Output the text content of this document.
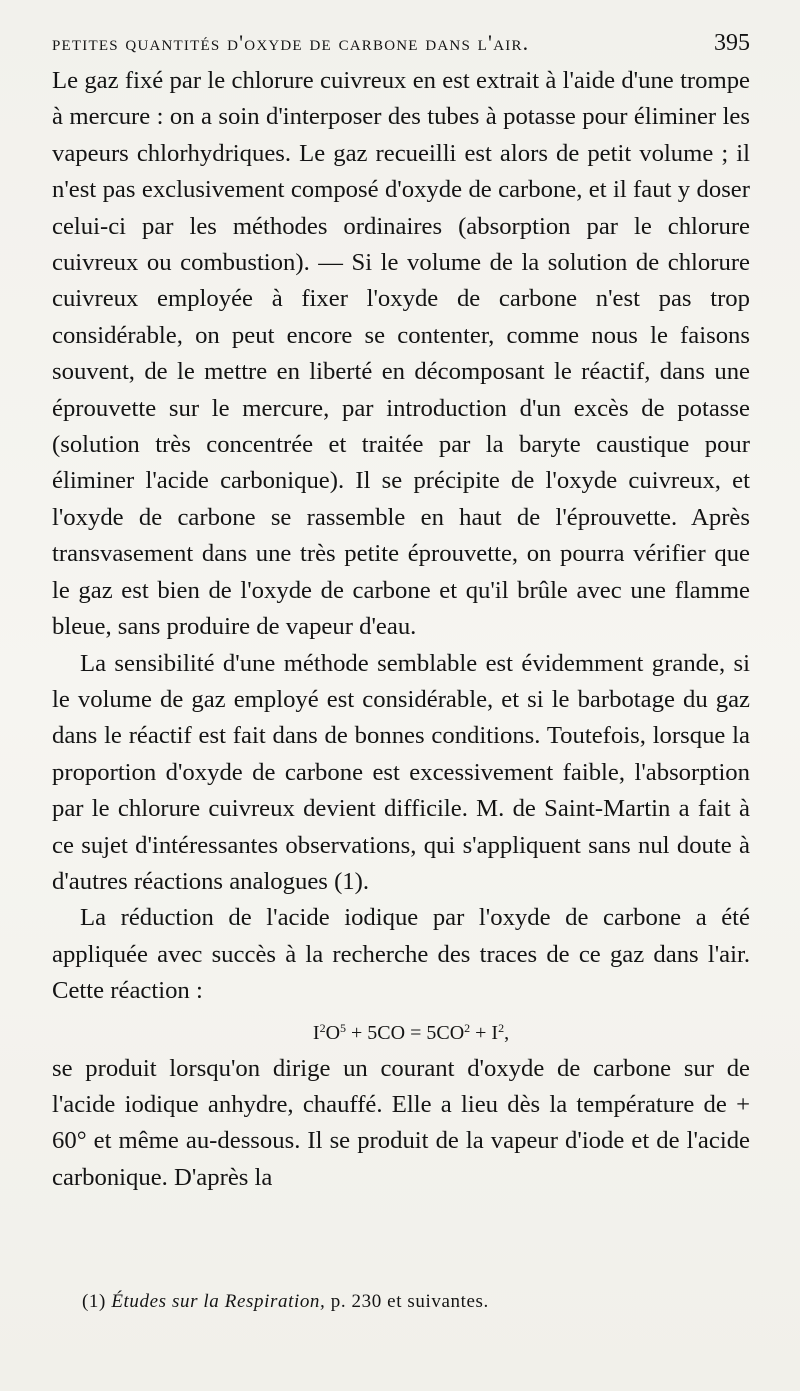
petites quantités d'oxyde de carbone dans l'air.	395

Le gaz fixé par le chlorure cuivreux en est extrait à l'aide d'une trompe à mercure : on a soin d'interposer des tubes à potasse pour éliminer les vapeurs chlorhydriques. Le gaz recueilli est alors de petit volume ; il n'est pas exclusivement composé d'oxyde de carbone, et il faut y doser celui-ci par les méthodes ordinaires (absorption par le chlorure cuivreux ou combustion). — Si le volume de la solution de chlorure cuivreux employée à fixer l'oxyde de carbone n'est pas trop considérable, on peut encore se contenter, comme nous le faisons souvent, de le mettre en liberté en décomposant le réactif, dans une éprouvette sur le mercure, par introduction d'un excès de potasse (solution très concentrée et traitée par la baryte caustique pour éliminer l'acide carbonique). Il se précipite de l'oxyde cuivreux, et l'oxyde de carbone se rassemble en haut de l'éprouvette. Après transvasement dans une très petite éprouvette, on pourra vérifier que le gaz est bien de l'oxyde de carbone et qu'il brûle avec une flamme bleue, sans produire de vapeur d'eau.

La sensibilité d'une méthode semblable est évidemment grande, si le volume de gaz employé est considérable, et si le barbotage du gaz dans le réactif est fait dans de bonnes conditions. Toutefois, lorsque la proportion d'oxyde de carbone est excessivement faible, l'absorption par le chlorure cuivreux devient difficile. M. de Saint-Martin a fait à ce sujet d'intéressantes observations, qui s'appliquent sans nul doute à d'autres réactions analogues (1).

La réduction de l'acide iodique par l'oxyde de carbone a été appliquée avec succès à la recherche des traces de ce gaz dans l'air. Cette réaction :

$I^2O^5 + 5CO = 5CO^2 + I^2$,

se produit lorsqu'on dirige un courant d'oxyde de carbone sur de l'acide iodique anhydre, chauffé. Elle a lieu dès la température de + 60° et même au-dessous. Il se produit de la vapeur d'iode et de l'acide carbonique. D'après la

(1) Études sur la Respiration, p. 230 et suivantes.
